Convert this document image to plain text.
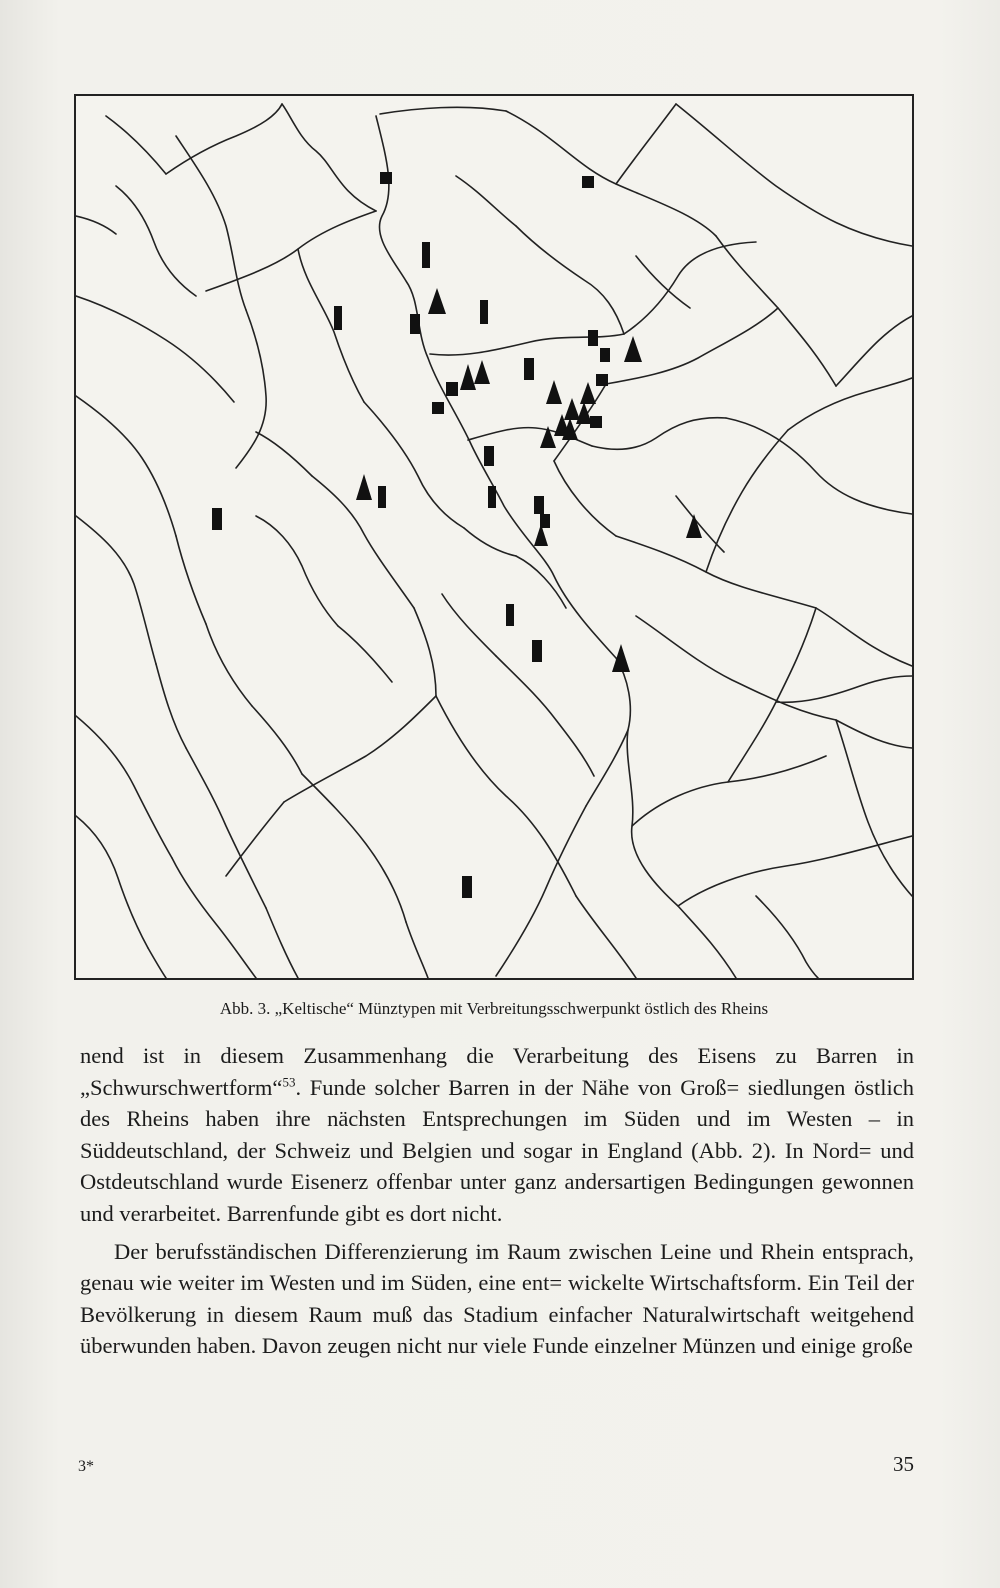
Abb. 3. „Keltische“ Münztypen mit Verbreitungsschwerpunkt östlich des Rheins

nend ist in diesem Zusammenhang die Verarbeitung des Eisens zu Barren in „Schwurschwertform“$^{53}$. Funde solcher Barren in der Nähe von Groß= siedlungen östlich des Rheins haben ihre nächsten Entsprechungen im Süden und im Westen – in Süddeutschland, der Schweiz und Belgien und sogar in England (Abb. 2). In Nord= und Ostdeutschland wurde Eisenerz offenbar unter ganz andersartigen Bedingungen gewonnen und verarbeitet. Barrenfunde gibt es dort nicht.

Der berufsständischen Differenzierung im Raum zwischen Leine und Rhein entsprach, genau wie weiter im Westen und im Süden, eine ent= wickelte Wirtschaftsform. Ein Teil der Bevölkerung in diesem Raum muß das Stadium einfacher Naturalwirtschaft weitgehend überwunden haben. Davon zeugen nicht nur viele Funde einzelner Münzen und einige große

3*	35
